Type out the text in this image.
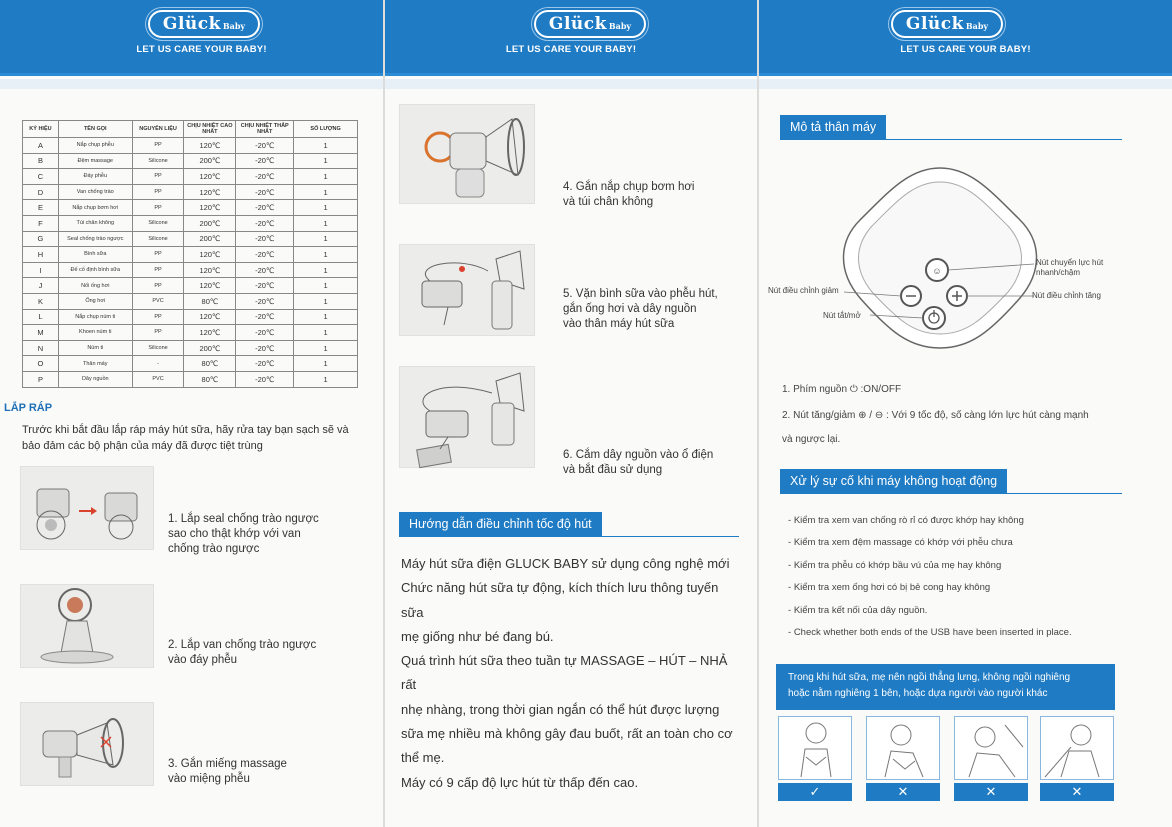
Glück Baby
LET US CARE YOUR BABY!
KÝ HIỆU	TÊN GỌI	NGUYÊN LIỆU	CHỊU NHIỆT CAO NHẤT	CHỊU NHIỆT THẤP NHẤT	SỐ LƯỢNG
A	Nắp chụp phễu	PP	120℃	-20℃	1
B	Đệm massage	Silicone	200℃	-20℃	1
C	Đáy phễu	PP	120℃	-20℃	1
D	Van chống trào	PP	120℃	-20℃	1
E	Nắp chụp bơm hơi	PP	120℃	-20℃	1
F	Túi chân không	Silicone	200℃	-20℃	1
G	Seal chống trào ngược	Silicone	200℃	-20℃	1
H	Bình sữa	PP	120℃	-20℃	1
I	Đế cố định bình sữa	PP	120℃	-20℃	1
J	Nối ống hơi	PP	120℃	-20℃	1
K	Ống hơi	PVC	80℃	-20℃	1
L	Nắp chụp núm ti	PP	120℃	-20℃	1
M	Khoen núm ti	PP	120℃	-20℃	1
N	Núm ti	Silicone	200℃	-20℃	1
O	Thân máy	-	80℃	-20℃	1
P	Dây nguồn	PVC	80℃	-20℃	1
LẮP RÁP
Trước khi bắt đầu lắp ráp máy hút sữa, hãy rửa tay bạn sạch sẽ và bảo đảm các bộ phận của máy đã được tiệt trùng
1. Lắp seal chống trào ngược
sao cho thật khớp với van
chống trào ngược
2. Lắp van chống trào ngược
vào đáy phễu
3. Gắn miếng massage
vào miệng phễu
Glück Baby
LET US CARE YOUR BABY!
4. Gắn nắp chụp bơm hơi
và túi chân không
5. Vặn bình sữa vào phễu hút,
gắn ống hơi và dây nguồn
vào thân máy hút sữa
6. Cắm dây nguồn vào ổ điện
và bắt đầu sử dụng
Hướng dẫn điều chỉnh tốc độ hút
Máy hút sữa điện GLUCK BABY sử dụng công nghệ mới
Chức năng hút sữa tự động, kích thích lưu thông tuyến sữa
mẹ giống như bé đang bú.
Quá trình hút sữa theo tuần tự MASSAGE – HÚT – NHẢ rất
nhẹ nhàng, trong thời gian ngắn có thể hút được lượng
sữa mẹ nhiều mà không gây đau buốt, rất an toàn cho cơ
thể mẹ.
Máy có 9 cấp độ lực hút từ thấp đến cao.
Glück Baby
LET US CARE YOUR BABY!
Mô tả thân máy
☺
Nút chuyển lực hút nhanh/chậm
Nút điều chỉnh giảm
Nút điều chỉnh tăng
Nút tắt/mở
1. Phím nguồn ⏻ :ON/OFF
2. Nút tăng/giảm ⊕ / ⊖ : Với 9 tốc độ, số càng lớn lực hút càng mạnh
và ngược lại.
Xử lý sự cố khi máy không hoạt động
- Kiểm tra xem van chống rò rỉ có được khớp hay không
- Kiểm tra xem đệm massage có khớp với phễu chưa
- Kiểm tra phễu có khớp bầu vú của mẹ hay không
- Kiểm tra xem ống hơi có bị bẻ cong hay không
- Kiểm tra kết nối của dây nguồn.
- Check whether both ends of the USB have been inserted in place.
Trong khi hút sữa, mẹ nên ngồi thẳng lưng, không ngồi nghiêng
hoặc nằm nghiêng 1 bên, hoặc dựa người vào người khác
✓	✕	✕	✕
